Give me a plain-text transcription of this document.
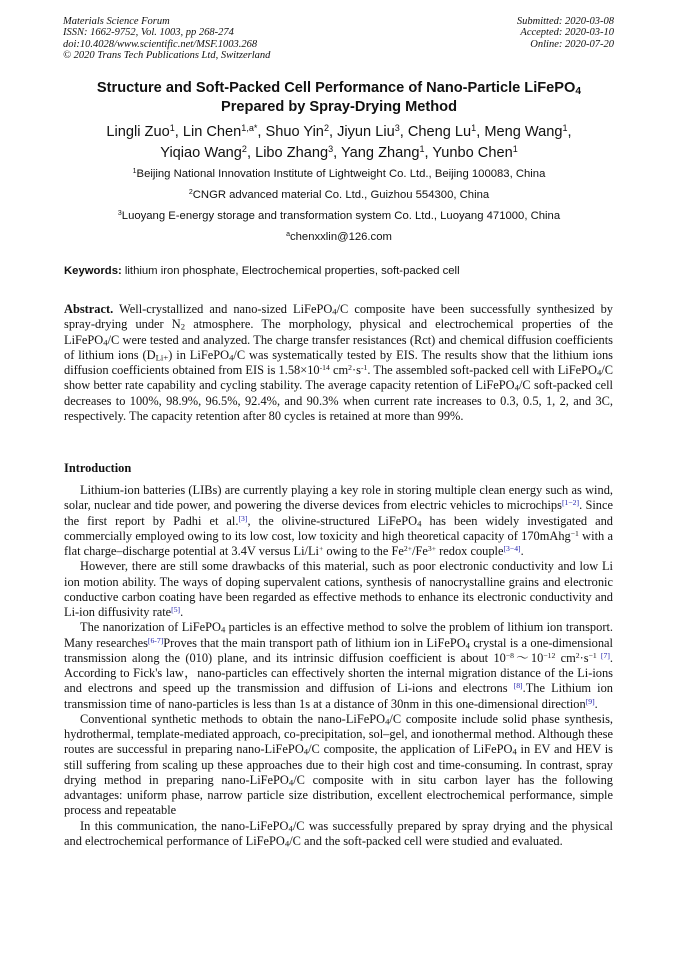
Materials Science Forum
ISSN: 1662-9752, Vol. 1003, pp 268-274
doi:10.4028/www.scientific.net/MSF.1003.268
© 2020 Trans Tech Publications Ltd, Switzerland
Submitted: 2020-03-08
Accepted: 2020-03-10
Online: 2020-07-20
Structure and Soft-Packed Cell Performance of Nano-Particle LiFePO$_4$
Prepared by Spray-Drying Method
Lingli Zuo$^1$, Lin Chen$^{1,a*}$, Shuo Yin$^2$, Jiyun Liu$^3$, Cheng Lu$^1$, Meng Wang$^1$,
Yiqiao Wang$^2$, Libo Zhang$^3$, Yang Zhang$^1$, Yunbo Chen$^1$
$^1$Beijing National Innovation Institute of Lightweight Co. Ltd., Beijing 100083, China
$^2$CNGR advanced material Co. Ltd., Guizhou 554300, China
$^3$Luoyang E-energy storage and transformation system Co. Ltd., Luoyang 471000, China
$^a$chenxxlin@126.com
Keywords: lithium iron phosphate, Electrochemical properties, soft-packed cell
Abstract. Well-crystallized and nano-sized LiFePO$_4$/C composite have been successfully synthesized by spray-drying under $N_2$ atmosphere. The morphology, physical and electrochemical properties of the LiFePO$_4$/C were tested and analyzed. The charge transfer resistances (Rct) and chemical diffusion coefficients of lithium ions $(D_{Li+})$ in LiFePO$_4$/C was systematically tested by EIS. The results show that the lithium ions diffusion coefficients obtained from EIS is $1.58\times 10^{-14}$ $cm^2\cdot s^{-1}$. The assembled soft-packed cell with LiFePO$_4$/C show better rate capability and cycling stability. The average capacity retention of LiFePO$_4$/C soft-packed cell decreases to 100%, 98.9%, 96.5%, 92.4%, and 90.3% when current rate increases to 0.3, 0.5, 1, 2, and 3C, respectively. The capacity retention after 80 cycles is retained at more than 99%.
Introduction

Lithium-ion batteries (LIBs) are currently playing a key role in storing multiple clean energy such as wind, solar, nuclear and tide power, and powering the diverse devices from electric vehicles to microchips[1−2]. Since the first report by Padhi et al.[3], the olivine-structured LiFePO$_4$ has been widely investigated and commercially employed owing to its low cost, low toxicity and high theoretical capacity of 170mAhg$^{-1}$ with a flat charge–discharge potential at 3.4V versus Li/Li+ owing to the $Fe^{2+}/Fe^{3+}$ redox couple[3−4].

However, there are still some drawbacks of this material, such as poor electronic conductivity and low Li ion motion ability. The ways of doping supervalent cations, synthesis of nanocrystalline grains and electronic conductive carbon coating have been regarded as effective methods to enhance its electronic conductivity and Li-ion diffusivity rate[5].

The nanorization of LiFePO$_4$ particles is an effective method to solve the problem of lithium ion transport. Many researches[6-7]Proves that the main transport path of lithium ion in LiFePO$_4$ crystal is a one-dimensional transmission along the (010) plane, and its intrinsic diffusion coefficient is about $10^{-8}\sim 10^{-12}$ $cm^2\cdot s^{-1}$ [7]. According to Fick's law，nano-particles can effectively shorten the internal migration distance of the Li-ions and electrons and speed up the transmission and diffusion of Li-ions and electrons [8].The Lithium ion transmission time of nano-particles is less than 1s at a distance of 30nm in this one-dimensional direction[9].

Conventional synthetic methods to obtain the nano-LiFePO$_4$/C composite include solid phase synthesis, hydrothermal, template-mediated approach, co-precipitation, sol–gel, and ionothermal method. Although these routes are successful in preparing nano-LiFePO$_4$/C composite, the application of LiFePO$_4$ in EV and HEV is still suffering from scaling up these approaches due to their high cost and time-consuming. In contrast, spray drying method in preparing nano-LiFePO$_4$/C composite with in situ carbon layer has the following advantages: uniform phase, narrow particle size distribution, excellent electrochemical performance, simple process and repeatable

In this communication, the nano-LiFePO$_4$/C was successfully prepared by spray drying and the physical and electrochemical performance of LiFePO$_4$/C and the soft-packed cell were studied and evaluated.
